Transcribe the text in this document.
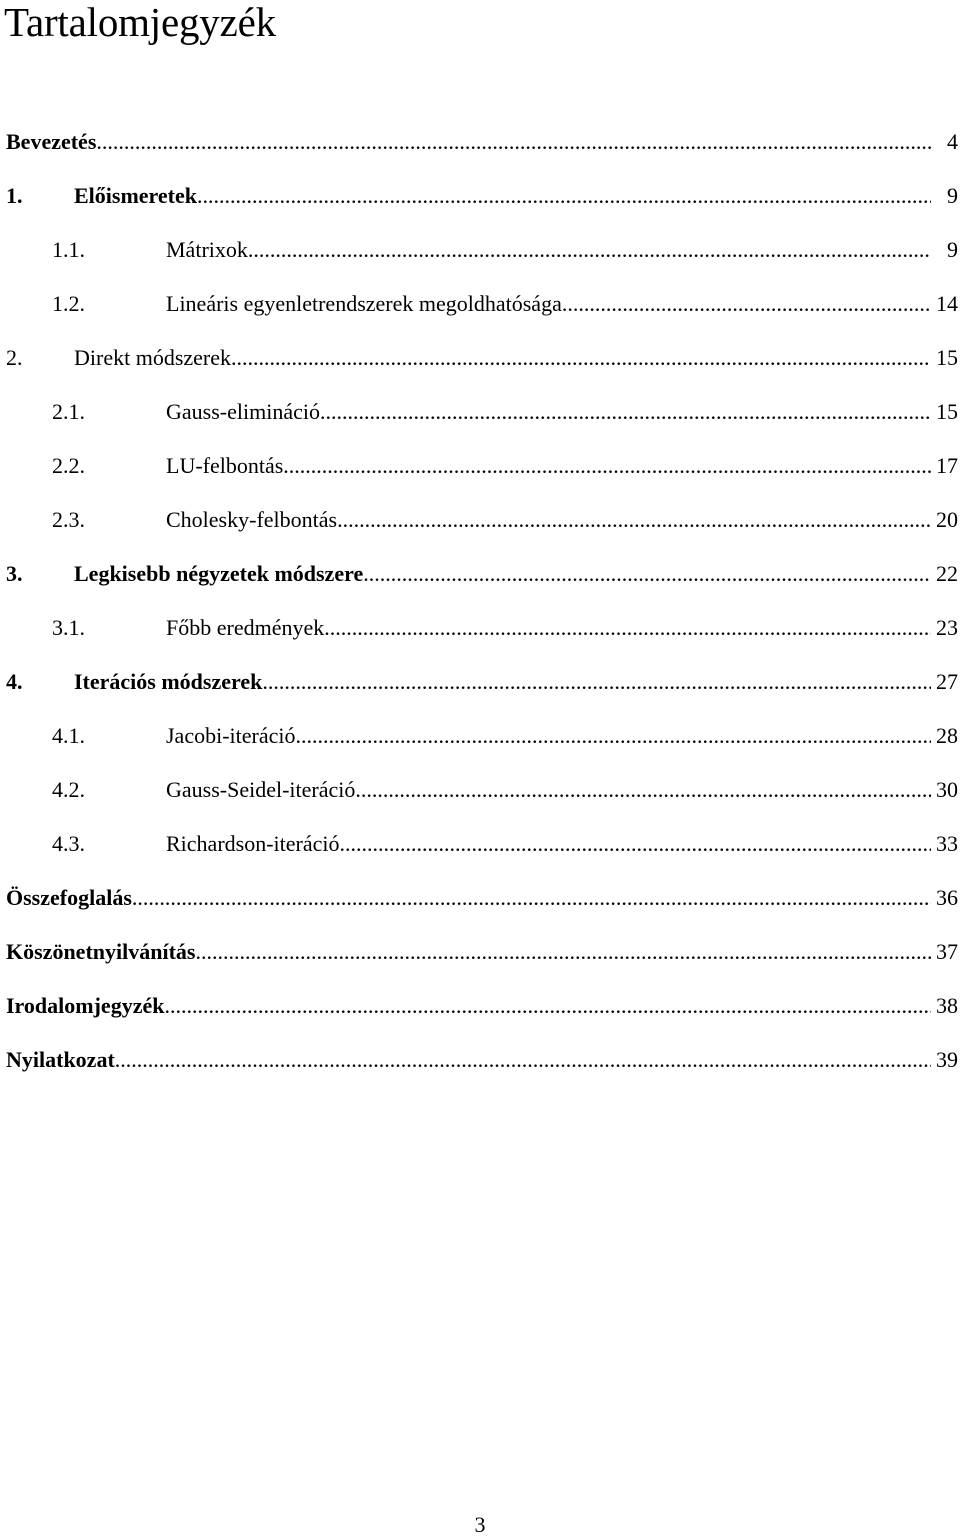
Tartalomjegyzék
Bevezetés .....	4
1.	Előismeretek .....	9
1.1.	Mátrixok .....	9
1.2.	Lineáris egyenletrendszerek megoldhatósága .....	14
2.	Direkt módszerek .....	15
2.1.	Gauss-elimináció .....	15
2.2.	LU-felbontás .....	17
2.3.	Cholesky-felbontás .....	20
3.	Legkisebb négyzetek módszere .....	22
3.1.	Főbb eredmények .....	23
4.	Iterációs módszerek .....	27
4.1.	Jacobi-iteráció .....	28
4.2.	Gauss-Seidel-iteráció .....	30
4.3.	Richardson-iteráció .....	33
Összefoglalás .....	36
Köszönetnyilvánítás .....	37
Irodalomjegyzék .....	38
Nyilatkozat .....	39
3
